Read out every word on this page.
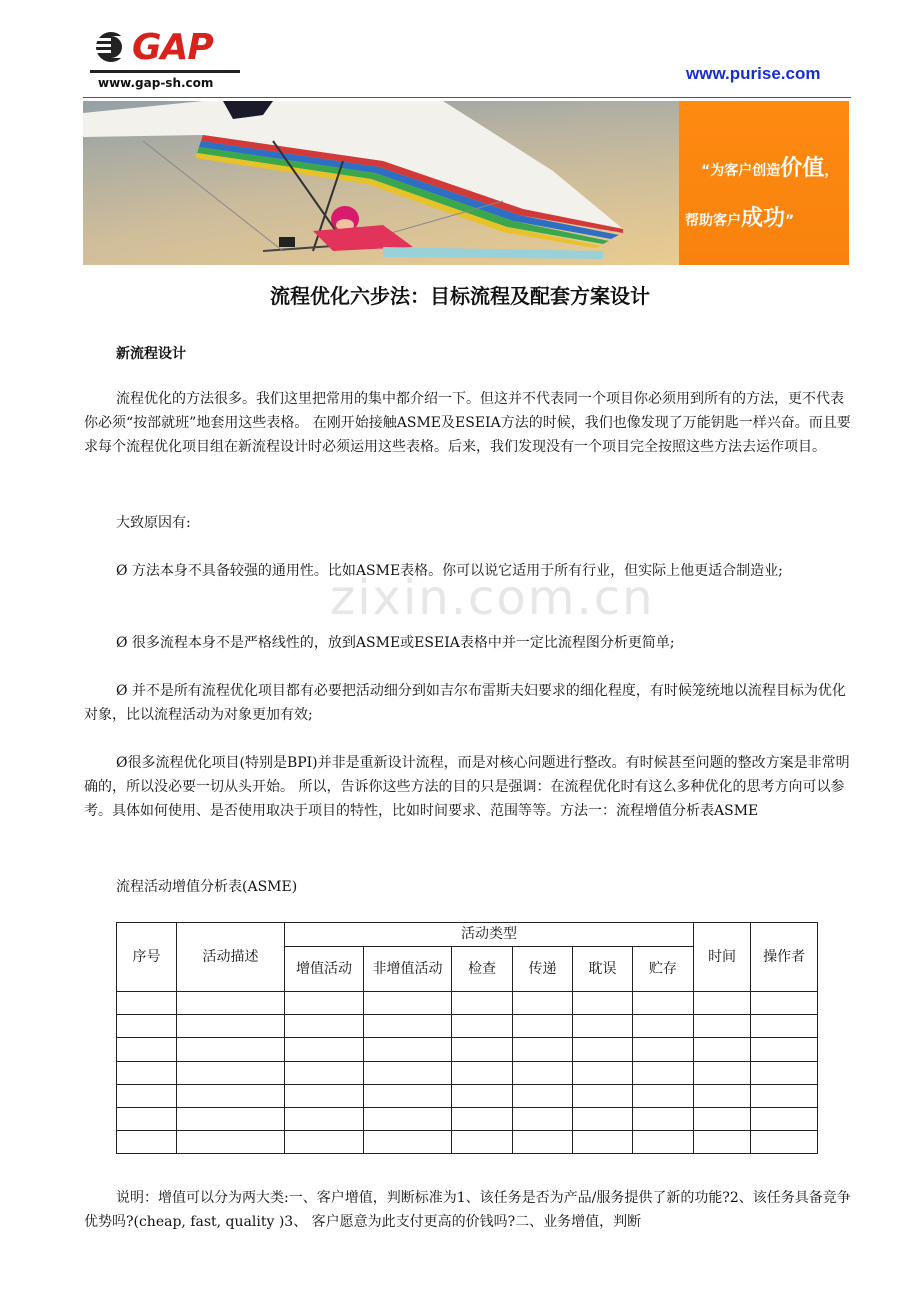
GAP
www.gap-sh.com	www.purise.com
“为客户创造价值，
帮助客户成功”
流程优化六步法：目标流程及配套方案设计
zixin.com.cn
新流程设计
流程优化的方法很多。我们这里把常用的集中都介绍一下。但这并不代表同一个项目你必须用到所有的方法，更不代表你必须“按部就班”地套用这些表格。 在刚开始接触ASME及ESEIA方法的时候，我们也像发现了万能钥匙一样兴奋。而且要求每个流程优化项目组在新流程设计时必须运用这些表格。后来，我们发现没有一个项目完全按照这些方法去运作项目。
大致原因有:
Ø 方法本身不具备较强的通用性。比如ASME表格。你可以说它适用于所有行业，但实际上他更适合制造业;
Ø 很多流程本身不是严格线性的，放到ASME或ESEIA表格中并一定比流程图分析更简单;
Ø 并不是所有流程优化项目都有必要把活动细分到如吉尔布雷斯夫妇要求的细化程度，有时候笼统地以流程目标为优化对象，比以流程活动为对象更加有效;
Ø很多流程优化项目(特别是BPI)并非是重新设计流程，而是对核心问题进行整改。有时候甚至问题的整改方案是非常明确的，所以没必要一切从头开始。 所以，告诉你这些方法的目的只是强调：在流程优化时有这么多种优化的思考方向可以参考。具体如何使用、是否使用取决于项目的特性，比如时间要求、范围等等。方法一：流程增值分析表ASME
流程活动增值分析表(ASME)
序号	活动描述	活动类型						时间	操作者
		增值活动	非增值活动	检查	传递	耽误	贮存		

说明：增值可以分为两大类:一、客户增值，判断标准为1、该任务是否为产品/服务提供了新的功能?2、该任务具备竞争优势吗?(cheap, fast, quality )3、 客户愿意为此支付更高的价钱吗?二、业务增值，判断
